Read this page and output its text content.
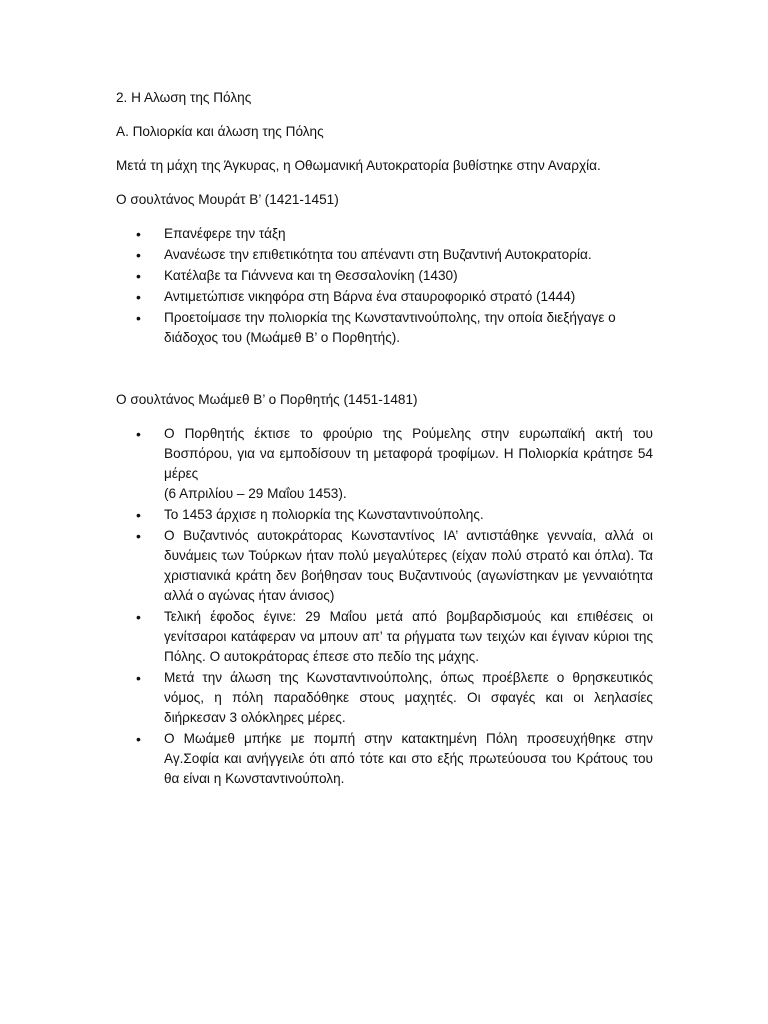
2. Η Αλωση της Πόλης

Α. Πολιορκία και άλωση της Πόλης

Μετά τη μάχη της Άγκυρας, η Οθωμανική Αυτοκρατορία βυθίστηκε στην Αναρχία.

Ο σουλτάνος Μουράτ Β’ (1421-1451)

• Επανέφερε την τάξη
• Ανανέωσε την επιθετικότητα του απέναντι στη Βυζαντινή Αυτοκρατορία.
• Κατέλαβε τα Γιάννενα και τη Θεσσαλονίκη (1430)
• Αντιμετώπισε νικηφόρα στη Βάρνα ένα σταυροφορικό στρατό (1444)
• Προετοίμασε την πολιορκία της Κωνσταντινούπολης, την οποία διεξήγαγε ο διάδοχος του (Μωάμεθ Β’ ο Πορθητής).

Ο σουλτάνος Μωάμεθ Β’ ο Πορθητής (1451-1481)

• Ο Πορθητής έκτισε το φρούριο της Ρούμελης στην ευρωπαϊκή ακτή του Βοσπόρου, για να εμποδίσουν τη μεταφορά τροφίμων. Η Πολιορκία κράτησε 54 μέρες
(6 Απριλίου – 29 Μαΐου 1453).
• Το 1453 άρχισε η πολιορκία της Κωνσταντινούπολης.
• Ο Βυζαντινός αυτοκράτορας Κωνσταντίνος ΙΑ’ αντιστάθηκε γενναία, αλλά οι δυνάμεις των Τούρκων ήταν πολύ μεγαλύτερες (είχαν πολύ στρατό και όπλα). Τα χριστιανικά κράτη δεν βοήθησαν τους Βυζαντινούς (αγωνίστηκαν με γενναιότητα αλλά ο αγώνας ήταν άνισος)
• Τελική έφοδος έγινε: 29 Μαΐου μετά από βομβαρδισμούς και επιθέσεις οι γενίτσαροι κατάφεραν να μπουν απ’ τα ρήγματα των τειχών και έγιναν κύριοι της Πόλης. Ο αυτοκράτορας έπεσε στο πεδίο της μάχης.
• Μετά την άλωση της Κωνσταντινούπολης, όπως προέβλεπε ο θρησκευτικός νόμος, η πόλη παραδόθηκε στους μαχητές. Οι σφαγές και οι λεηλασίες διήρκεσαν 3 ολόκληρες μέρες.
• Ο Μωάμεθ μπήκε με πομπή στην κατακτημένη Πόλη προσευχήθηκε στην Αγ.Σοφία και ανήγγειλε ότι από τότε και στο εξής πρωτεύουσα του Κράτους του θα είναι η Κωνσταντινούπολη.
